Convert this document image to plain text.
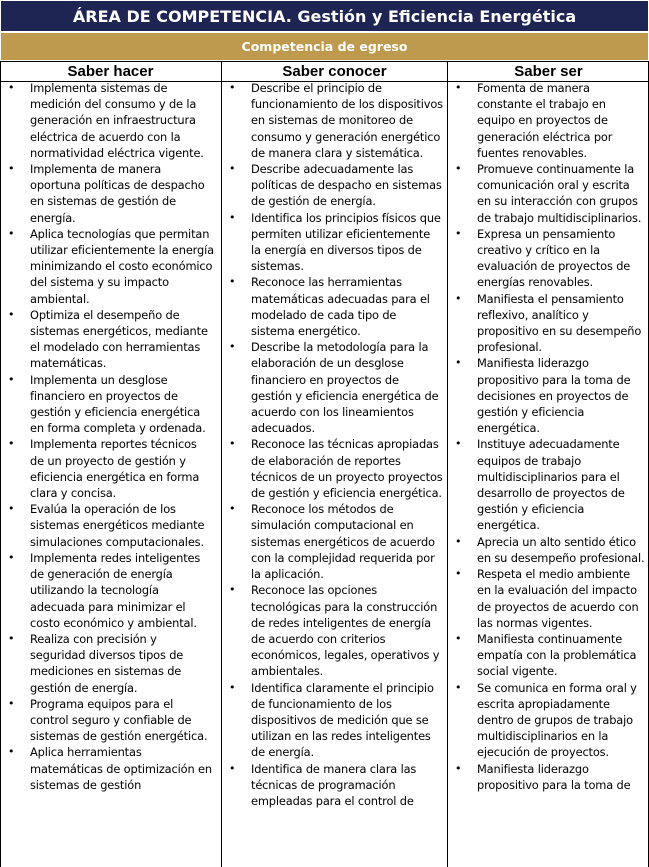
ÁREA DE COMPETENCIA. Gestión y Eficiencia Energética
Competencia de egreso
Saber hacer	Saber conocer	Saber ser
• Implementa sistemas de medición del consumo y de la generación en infraestructura eléctrica de acuerdo con la normatividad eléctrica vigente.
• Implementa de manera oportuna políticas de despacho en sistemas de gestión de energía.
• Aplica tecnologías que permitan utilizar eficientemente la energía minimizando el costo económico del sistema y su impacto ambiental.
• Optimiza el desempeño de sistemas energéticos, mediante el modelado con herramientas matemáticas.
• Implementa un desglose financiero en proyectos de gestión y eficiencia energética en forma completa y ordenada.
• Implementa reportes técnicos de un proyecto de gestión y eficiencia energética en forma clara y concisa.
• Evalúa la operación de los sistemas energéticos mediante simulaciones computacionales.
• Implementa redes inteligentes de generación de energía utilizando la tecnología adecuada para minimizar el costo económico y ambiental.
• Realiza con precisión y seguridad diversos tipos de mediciones en sistemas de gestión de energía.
• Programa equipos para el control seguro y confiable de sistemas de gestión energética.
• Aplica herramientas matemáticas de optimización en sistemas de gestión
• Describe el principio de funcionamiento de los dispositivos en sistemas de monitoreo de consumo y generación energético de manera clara y sistemática.
• Describe adecuadamente las políticas de despacho en sistemas de gestión de energía.
• Identifica los principios físicos que permiten utilizar eficientemente la energía en diversos tipos de sistemas.
• Reconoce las herramientas matemáticas adecuadas para el modelado de cada tipo de sistema energético.
• Describe la metodología para la elaboración de un desglose financiero en proyectos de gestión y eficiencia energética de acuerdo con los lineamientos adecuados.
• Reconoce las técnicas apropiadas de elaboración de reportes técnicos de un proyecto proyectos de gestión y eficiencia energética.
• Reconoce los métodos de simulación computacional en sistemas energéticos de acuerdo con la complejidad requerida por la aplicación.
• Reconoce las opciones tecnológicas para la construcción de redes inteligentes de energía de acuerdo con criterios económicos, legales, operativos y ambientales.
• Identifica claramente el principio de funcionamiento de los dispositivos de medición que se utilizan en las redes inteligentes de energía.
• Identifica de manera clara las técnicas de programación empleadas para el control de
• Fomenta de manera constante el trabajo en equipo en proyectos de generación eléctrica por fuentes renovables.
• Promueve continuamente la comunicación oral y escrita en su interacción con grupos de trabajo multidisciplinarios.
• Expresa un pensamiento creativo y crítico en la evaluación de proyectos de energías renovables.
• Manifiesta el pensamiento reflexivo, analítico y propositivo en su desempeño profesional.
• Manifiesta liderazgo propositivo para la toma de decisiones en proyectos de gestión y eficiencia energética.
• Instituye adecuadamente equipos de trabajo multidisciplinarios para el desarrollo de proyectos de gestión y eficiencia energética.
• Aprecia un alto sentido ético en su desempeño profesional.
• Respeta el medio ambiente en la evaluación del impacto de proyectos de acuerdo con las normas vigentes.
• Manifiesta continuamente empatía con la problemática social vigente.
• Se comunica en forma oral y escrita apropiadamente dentro de grupos de trabajo multidisciplinarios en la ejecución de proyectos.
• Manifiesta liderazgo propositivo para la toma de
